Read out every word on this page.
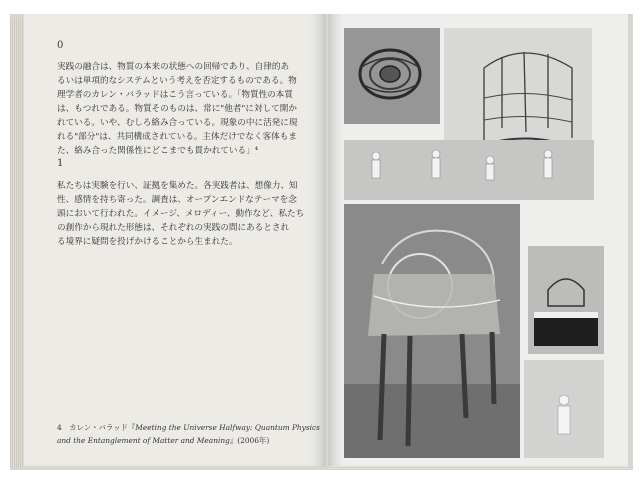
0
実践の融合は、物質の本来の状態への回帰であり、自律的あ
るいは単項的なシステムという考えを否定するものである。物
理学者のカレン・バラッドはこう言っている。「物質性の本質
は、もつれである。物質そのものは、常に"他者"に対して開か
れている。いや、むしろ絡み合っている。現象の中に活発に現
れる"部分"は、共同構成されている。主体だけでなく客体もま
た、絡み合った関係性にどこまでも貫かれている」⁴
1
私たちは実験を行い、証拠を集めた。各実践者は、想像力、知
性、感情を持ち寄った。調査は、オープンエンドなテーマを念
頭において行われた。イメージ、メロディー、動作など、私たち
の創作から現れた形態は、それぞれの実践の間にあるとされ
る境界に疑問を投げかけることから生まれた。
4　カレン・バラッド『Meeting the Universe Halfway: Quantum Physics
and the Entanglement of Matter and Meaning』(2006年)
